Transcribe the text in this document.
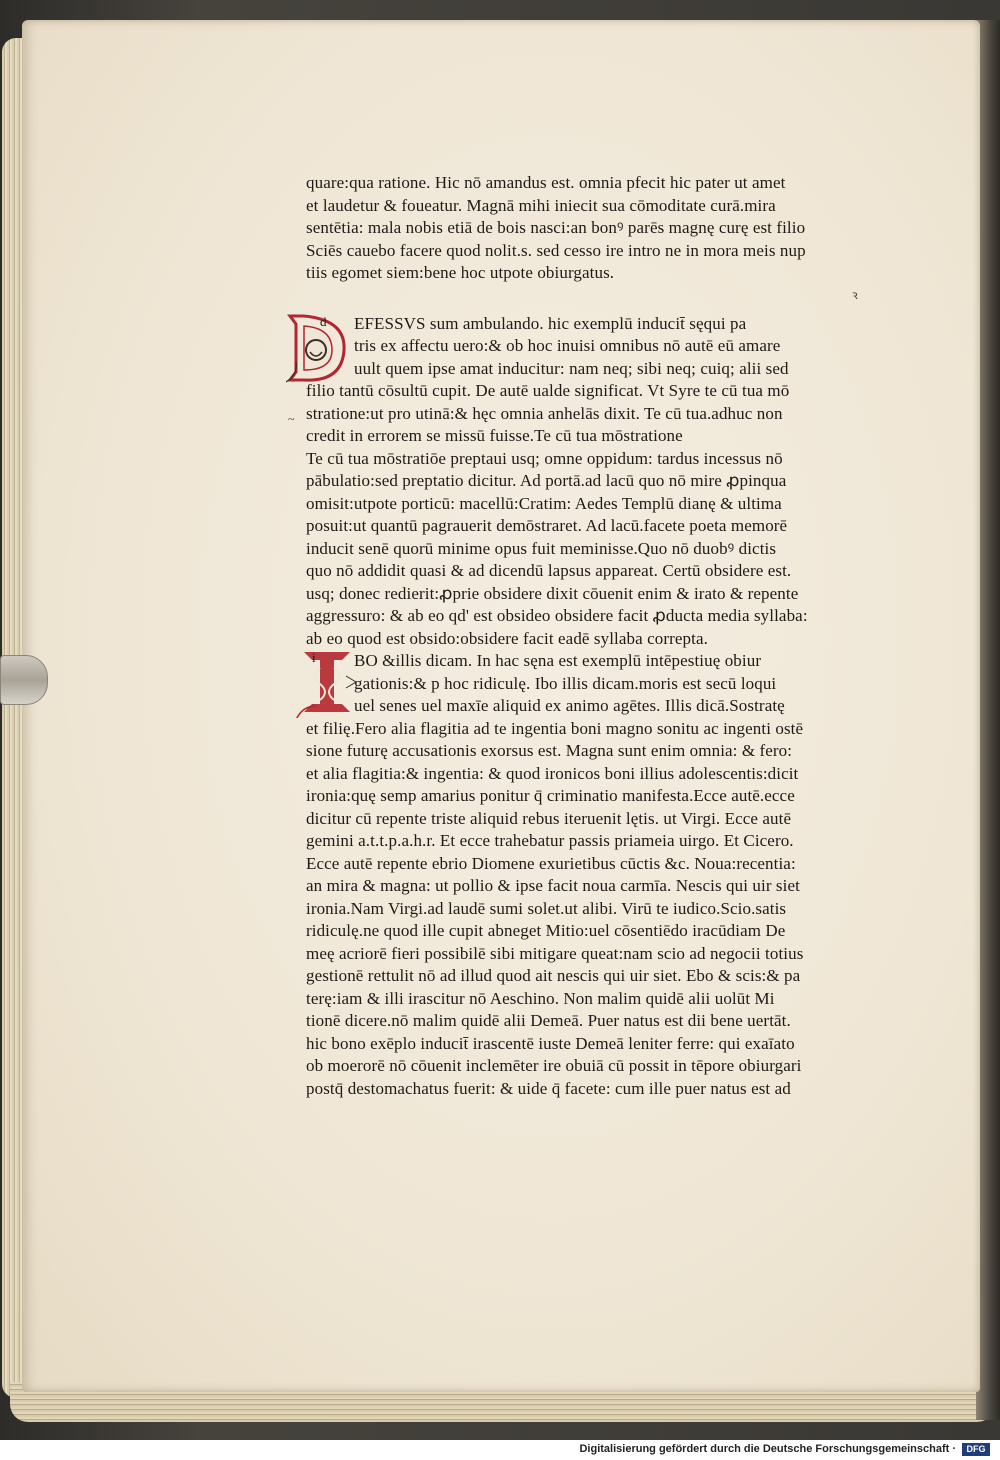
d
i
ꝛ
~
quare:qua ratione. Hic nō amandus est. omnia pfecit hic pater ut amet
et laudetur & foueatur. Magnā mihi iniecit sua cōmoditate curā.mira
sentētia: mala nobis etiā de bois nasci:an bonꝰ parēs magnę curę est filio
Sciēs cauebo facere quod nolit.s. sed cesso ire intro ne in mora meis nup
tiis egomet siem:bene hoc utpote obiurgatus.
EFESSVS sum ambulando. hic exemplū inducit̄ sęqui pa
tris ex affectu uero:& ob hoc inuisi omnibus nō autē eū amare
uult quem ipse amat inducitur: nam neq; sibi neq; cuiq; alii sed
filio tantū cōsultū cupit. De autē ualde significat. Vt Syre te cū tua mō
stratione:ut pro utinā:& hęc omnia anhelās dixit. Te cū tua.adhuc non
credit in errorem se missū fuisse.Te cū tua mōstratione
Te cū tua mōstratiōe preptaui usq; omne oppidum: tardus incessus nō
pābulatio:sed preptatio dicitur. Ad portā.ad lacū quo nō mire ꝓpinqua
omisit:utpote porticū: macellū:Cratim: Aedes Templū dianę & ultima
posuit:ut quantū pagrauerit demōstraret. Ad lacū.facete poeta memorē
inducit senē quorū minime opus fuit meminisse.Quo nō duobꝰ dictis
quo nō addidit quasi & ad dicendū lapsus appareat. Certū obsidere est.
usq; donec redierit:ꝓprie obsidere dixit cōuenit enim & irato & repente
aggressuro: & ab eo qd' est obsideo obsidere facit ꝓducta media syllaba:
ab eo quod est obsido:obsidere facit eadē syllaba correpta.
BO &illis dicam. In hac sęna est exemplū intēpestiuę obiur
gationis:& p hoc ridiculę. Ibo illis dicam.moris est secū loqui
uel senes uel maxīe aliquid ex animo agētes. Illis dicā.Sostratę
et filię.Fero alia flagitia ad te ingentia boni magno sonitu ac ingenti ostē
sione futurę accusationis exorsus est. Magna sunt enim omnia: & fero:
et alia flagitia:& ingentia: & quod ironicos boni illius adolescentis:dicit
ironia:quę semp amarius ponitur q̄ criminatio manifesta.Ecce autē.ecce
dicitur cū repente triste aliquid rebus iteruenit lętis. ut Virgi. Ecce autē
gemini a.t.t.p.a.h.r. Et ecce trahebatur passis priameia uirgo. Et Cicero.
Ecce autē repente ebrio Diomene exurietibus cūctis &c. Noua:recentia:
an mira & magna: ut pollio & ipse facit noua carmīa. Nescis qui uir siet
ironia.Nam Virgi.ad laudē sumi solet.ut alibi. Virū te iudico.Scio.satis
ridiculę.ne quod ille cupit abneget Mitio:uel cōsentiēdo iracūdiam De
meę acriorē fieri possibilē sibi mitigare queat:nam scio ad negocii totius
gestionē rettulit nō ad illud quod ait nescis qui uir siet. Ebo & scis:& pa
terę:iam & illi irascitur nō Aeschino. Non malim quidē alii uolūt Mi
tionē dicere.nō malim quidē alii Demeā. Puer natus est dii bene uertāt.
hic bono exēplo inducit̄ irascentē iuste Demeā leniter ferre: qui exaīato
ob moerorē nō cōuenit inclemēter ire obuiā cū possit in tēpore obiurgari
postq̄ destomachatus fuerit: & uide q̄ facete: cum ille puer natus est ad
Digitalisierung gefördert durch die Deutsche Forschungsgemeinschaft ·	DFG
